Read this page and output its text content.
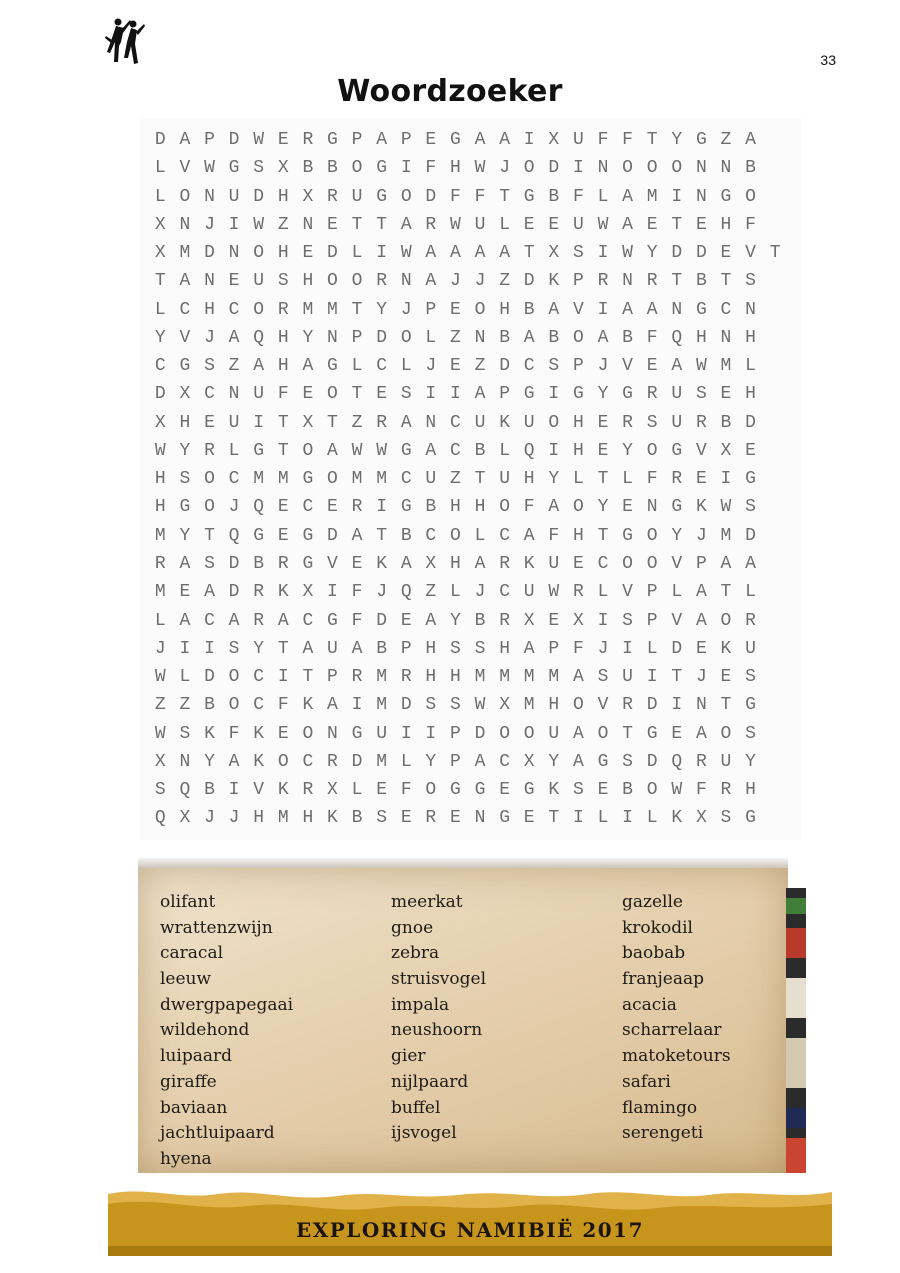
33
Woordzoeker
D A P D W E R G P A P E G A A I X U F F T Y G Z A
L V W G S X B B O G I F H W J O D I N O O O N N B
L O N U D H X R U G O D F F T G B F L A M I N G O
X N J I W Z N E T T A R W U L E E U W A E T E H F
X M D N O H E D L I W A A A A T X S I W Y D D E V T
T A N E U S H O O R N A J J Z D K P R N R T B T S
L C H C O R M M T Y J P E O H B A V I A A N G C N
Y V J A Q H Y N P D O L Z N B A B O A B F Q H N H
C G S Z A H A G L C L J E Z D C S P J V E A W M L
D X C N U F E O T E S I I A P G I G Y G R U S E H
X H E U I T X T Z R A N C U K U O H E R S U R B D
W Y R L G T O A W W G A C B L Q I H E Y O G V X E
H S O C M M G O M M C U Z T U H Y L T L F R E I G
H G O J Q E C E R I G B H H O F A O Y E N G K W S
M Y T Q G E G D A T B C O L C A F H T G O Y J M D
R A S D B R G V E K A X H A R K U E C O O V P A A
M E A D R K X I F J Q Z L J C U W R L V P L A T L
L A C A R A C G F D E A Y B R X E X I S P V A O R
J I I S Y T A U A B P H S S H A P F J I L D E K U
W L D O C I T P R M R H H M M M M A S U I T J E S
Z Z B O C F K A I M D S S W X M H O V R D I N T G
W S K F K E O N G U I I P D O O U A O T G E A O S
X N Y A K O C R D M L Y P A C X Y A G S D Q R U Y
S Q B I V K R X L E F O G G E G K S E B O W F R H
Q X J J H M H K B S E R E N G E T I L I L K X S G
olifant
wrattenzwijn
caracal
leeuw
dwergpapegaai
wildehond
luipaard
giraffe
baviaan
jachtluipaard
hyena
meerkat
gnoe
zebra
struisvogel
impala
neushoorn
gier
nijlpaard
buffel
ijsvogel
gazelle
krokodil
baobab
franjeaap
acacia
scharrelaar
matoketours
safari
flamingo
serengeti
EXPLORING NAMIBIË 2017
